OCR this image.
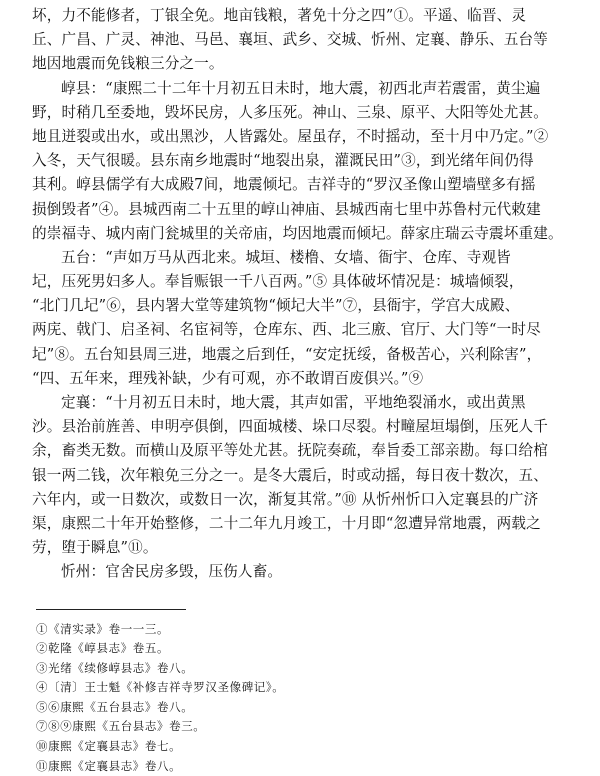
坏，力不能修者，丁银全免。地亩钱粮，著免十分之四”①。平遥、临晋、灵
丘、广昌、广灵、神池、马邑、襄垣、武乡、交城、忻州、定襄、静乐、五台等
地因地震而免钱粮三分之一。
崞县：“康熙二十二年十月初五日未时，地大震，初西北声若震雷，黄尘遍
野，时稍几至委地，毁坏民房，人多压死。神山、三泉、原平、大阳等处尤甚。
地且迸裂或出水，或出黑沙，人皆露处。屋虽存，不时摇动，至十月中乃定。”②
入冬，天气很暖。县东南乡地震时“地裂出泉，灌溉民田”③，到光绪年间仍得
其利。崞县儒学有大成殿7间，地震倾圮。吉祥寺的“罗汉圣像山塑墙壁多有摇
损倒毁者”④。县城西南二十五里的崞山神庙、县城西南七里中苏鲁村元代敕建
的崇福寺、城内南门瓮城里的关帝庙，均因地震而倾圮。薛家庄瑞云寺震坏重建。
五台：“声如万马从西北来。城垣、楼橹、女墙、衙宇、仓库、寺观皆
圮，压死男妇多人。奉旨赈银一千八百两。”⑤ 具体破坏情况是：城墙倾裂，
“北门几圮”⑥，县内署大堂等建筑物“倾圮大半”⑦，县衙宇，学宫大成殿、
两庑、戟门、启圣祠、名宦祠等，仓库东、西、北三廒、官厅、大门等“一时尽
圮”⑧。五台知县周三进，地震之后到任，“安定抚绥，备极苦心，兴利除害”，
“四、五年来，理残补缺，少有可观，亦不敢谓百废俱兴。”⑨
定襄：“十月初五日未时，地大震，其声如雷，平地绝裂涌水，或出黄黑
沙。县治前旌善、申明亭俱倒，四面城楼、垛口尽裂。村疃屋垣塌倒，压死人千
余，畜类无数。而横山及原平等处尤甚。抚院奏疏，奉旨委工部亲勘。每口给棺
银一两二钱，次年粮免三分之一。是冬大震后，时或动摇，每日夜十数次，五、
六年内，或一日数次，或数日一次，渐复其常。”⑩ 从忻州忻口入定襄县的广济
渠，康熙二十年开始整修，二十二年九月竣工，十月即“忽遭异常地震，两载之
劳，堕于瞬息”⑪。
忻州：官舍民房多毁，压伤人畜。
①《清实录》卷一一三。
②乾隆《崞县志》卷五。
③光绪《续修崞县志》卷八。
④〔清〕王士魁《补修吉祥寺罗汉圣像碑记》。
⑤⑥康熙《五台县志》卷八。
⑦⑧⑨康熙《五台县志》卷三。
⑩康熙《定襄县志》卷七。
⑪康熙《定襄县志》卷八。
